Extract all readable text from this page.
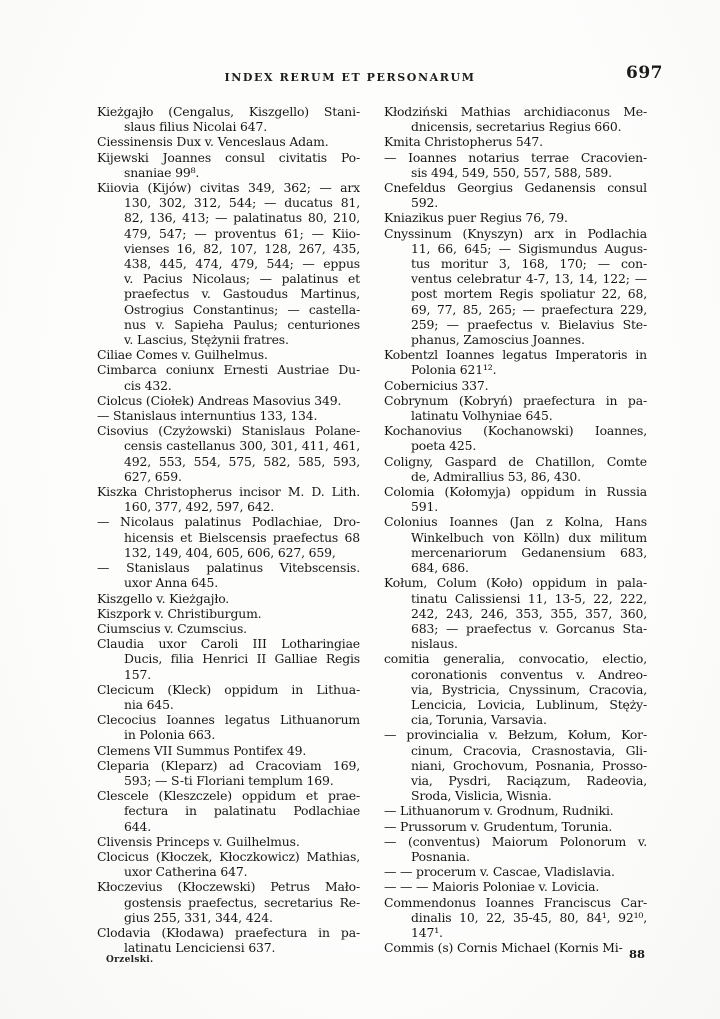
INDEX RERUM ET PERSONARUM	697
Kieżgajło (Cengalus, Kiszgello) Stani-
slaus filius Nicolai 647.
Ciessinensis Dux v. Venceslaus Adam.
Kijewski Joannes consul civitatis Po-
snaniae 99⁸.
Kiiovia (Kijów) civitas 349, 362; — arx
130, 302, 312, 544; — ducatus 81,
82, 136, 413; — palatinatus 80, 210,
479, 547; — proventus 61; — Kiio-
vienses 16, 82, 107, 128, 267, 435,
438, 445, 474, 479, 544; — eppus
v. Pacius Nicolaus; — palatinus et
praefectus v. Gastoudus Martinus,
Ostrogius Constantinus; — castella-
nus v. Sapieha Paulus; centuriones
v. Lascius, Stężynii fratres.
Ciliae Comes v. Guilhelmus.
Cimbarca coniunx Ernesti Austriae Du-
cis 432.
Ciolcus (Ciołek) Andreas Masovius 349.
— Stanislaus internuntius 133, 134.
Cisovius (Czyżowski) Stanislaus Polane-
censis castellanus 300, 301, 411, 461,
492, 553, 554, 575, 582, 585, 593,
627, 659.
Kiszka Christopherus incisor M. D. Lith.
160, 377, 492, 597, 642.
— Nicolaus palatinus Podlachiae, Dro-
hicensis et Bielscensis praefectus 68
132, 149, 404, 605, 606, 627, 659,
— Stanislaus palatinus Vitebscensis.
uxor Anna 645.
Kiszgello v. Kieżgajło.
Kiszpork v. Christiburgum.
Ciumscius v. Czumscius.
Claudia uxor Caroli III Lotharingiae
Ducis, filia Henrici II Galliae Regis
157.
Clecicum (Kleck) oppidum in Lithua-
nia 645.
Clecocius Ioannes legatus Lithuanorum
in Polonia 663.
Clemens VII Summus Pontifex 49.
Cleparia (Kleparz) ad Cracoviam 169,
593; — S-ti Floriani templum 169.
Clescele (Kleszczele) oppidum et prae-
fectura in palatinatu Podlachiae
644.
Clivensis Princeps v. Guilhelmus.
Clocicus (Kłoczek, Kłoczkowicz) Mathias,
uxor Catherina 647.
Kłoczevius (Kłoczewski) Petrus Mało-
gostensis praefectus, secretarius Re-
gius 255, 331, 344, 424.
Clodavia (Kłodawa) praefectura in pa-
latinatu Lenciciensi 637.
Kłodziński Mathias archidiaconus Me-
dnicensis, secretarius Regius 660.
Kmita Christopherus 547.
— Ioannes notarius terrae Cracovien-
sis 494, 549, 550, 557, 588, 589.
Cnefeldus Georgius Gedanensis consul
592.
Kniazikus puer Regius 76, 79.
Cnyssinum (Knyszyn) arx in Podlachia
11, 66, 645; — Sigismundus Augus-
tus moritur 3, 168, 170; — con-
ventus celebratur 4-7, 13, 14, 122; —
post mortem Regis spoliatur 22, 68,
69, 77, 85, 265; — praefectura 229,
259; — praefectus v. Bielavius Ste-
phanus, Zamoscius Joannes.
Kobentzl Ioannes legatus Imperatoris in
Polonia 621¹².
Cobernicius 337.
Cobrynum (Kobryń) praefectura in pa-
latinatu Volhyniae 645.
Kochanovius (Kochanowski) Ioannes,
poeta 425.
Coligny, Gaspard de Chatillon, Comte
de, Admirallius 53, 86, 430.
Colomia (Kołomyja) oppidum in Russia
591.
Colonius Ioannes (Jan z Kolna, Hans
Winkelbuch von Kölln) dux militum
mercenariorum Gedanensium 683,
684, 686.
Kołum, Colum (Koło) oppidum in pala-
tinatu Calissiensi 11, 13-5, 22, 222,
242, 243, 246, 353, 355, 357, 360,
683; — praefectus v. Gorcanus Sta-
nislaus.
comitia generalia, convocatio, electio,
coronationis conventus v. Andreo-
via, Bystricia, Cnyssinum, Cracovia,
Lencicia, Lovicia, Lublinum, Stęży-
cia, Torunia, Varsavia.
— provincialia v. Bełzum, Kołum, Kor-
cinum, Cracovia, Crasnostavia, Gli-
niani, Grochovum, Posnania, Prosso-
via, Pysdri, Raciązum, Radeovia,
Sroda, Vislicia, Wisnia.
— Lithuanorum v. Grodnum, Rudniki.
— Prussorum v. Grudentum, Torunia.
— (conventus) Maiorum Polonorum v.
Posnania.
— — procerum v. Cascae, Vladislavia.
— — — Maioris Poloniae v. Lovicia.
Commendonus Ioannes Franciscus Car-
dinalis 10, 22, 35-45, 80, 84¹, 92¹⁰,
147¹.
Commis (s) Cornis Michael (Kornis Mi-
Orzelski.	88
